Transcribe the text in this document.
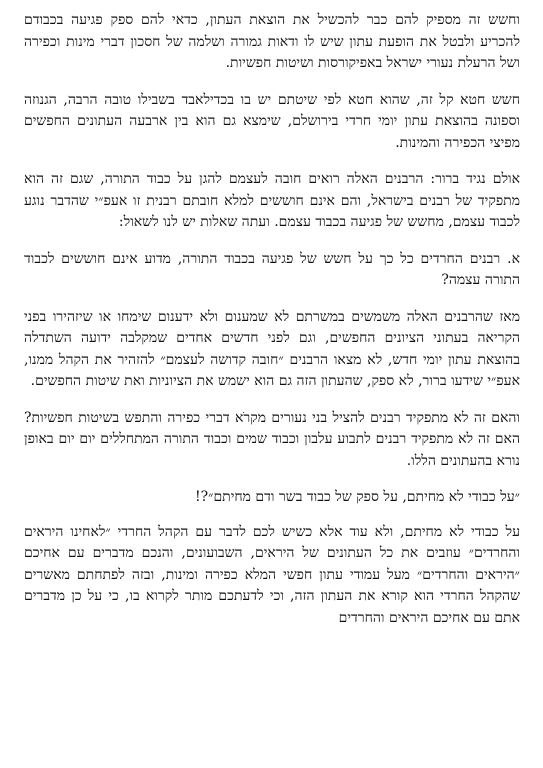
וחשש זה מספיק להם כבר להכשיל את הוצאת העתון, כדאי להם ספק פגיעה בכבודם להכריע ולבטל את הופעת עתון שיש לו ודאות גמורה ושלמה של חסכון דברי מינות וכפירה ושל הרעלת נעורי ישראל באפיקורסות ושיטות חפשיות.

חשש חטא קל זה, שהוא חטא לפי שיטתם יש בו בכדילאבד בשבילו טובה הרבה, הגנוזה וספונה בהוצאת עתון יומי חרדי בירושלם, שימצא גם הוא בין ארבעה העתונים החפשים מפיצי הכפירה והמינות.

אולם נגיד ברור: הרבנים האלה רואים חובה לעצמם להגן על כבוד התורה, שגם זה הוא מתפקיד של רבנים בישראל, והם אינם חוששים למלא חובתם רבנית זו אעפ״י שהדבר נוגע לכבוד עצמם, מחשש של פגיעה בכבוד עצמם. ועתה שאלות יש לנו לשאול:

א. רבנים החרדים כל כך על חשש של פגיעה בכבוד התורה, מדוע אינם חוששים לכבוד התורה עצמה?

מאז שהרבנים האלה משמשים במשרתם לא שמענום ולא ידענום שימחו או שיזהירו בפני הקריאה בעתוני הציונים החפשים, וגם לפני חדשים אחדים שמקלבה ידועה השתדלה בהוצאת עתון יומי חדש, לא מצאו הרבנים ״חובה קדושה לעצמם״ להזהיר את הקהל ממנו, אעפ״י שידעו ברור, לא ספק, שהעתון הזה גם הוא ישמש את הציוניות ואת שיטות החפשים.

והאם זה לא מתפקיד רבנים להציל בני נעורים מקרֹא דברי כפירה והתפש בשיטות חפשיות? האם זה לא מתפקיד רבנים לתבוע עלבון וכבוד שמים וכבוד התורה המתחללים יום יום באופן נורא בהעתונים הללו.

״על כבודי לא מחיתם, על ספק של כבוד בשר ודם מחיתם״?!

על כבודי לא מחיתם, ולא עוד אלא כשיש לכם לדבר עם הקהל החרדי ״לאחינו היראים והחרדים״ עוזבים את כל העתונים של היראים, השבועונים, והנכם מדברים עם אחיכם ״היראים והחרדים״ מעל עמודי עתון חפשי המלא כפירה ומינות, ובזה לפתחתם מאשרים שהקהל החרדי הוא קורא את העתון הזה, וכי לדעתכם מותר לקרוא בו, כי על כן מדברים אתם עם אחיכם היראים והחרדים
